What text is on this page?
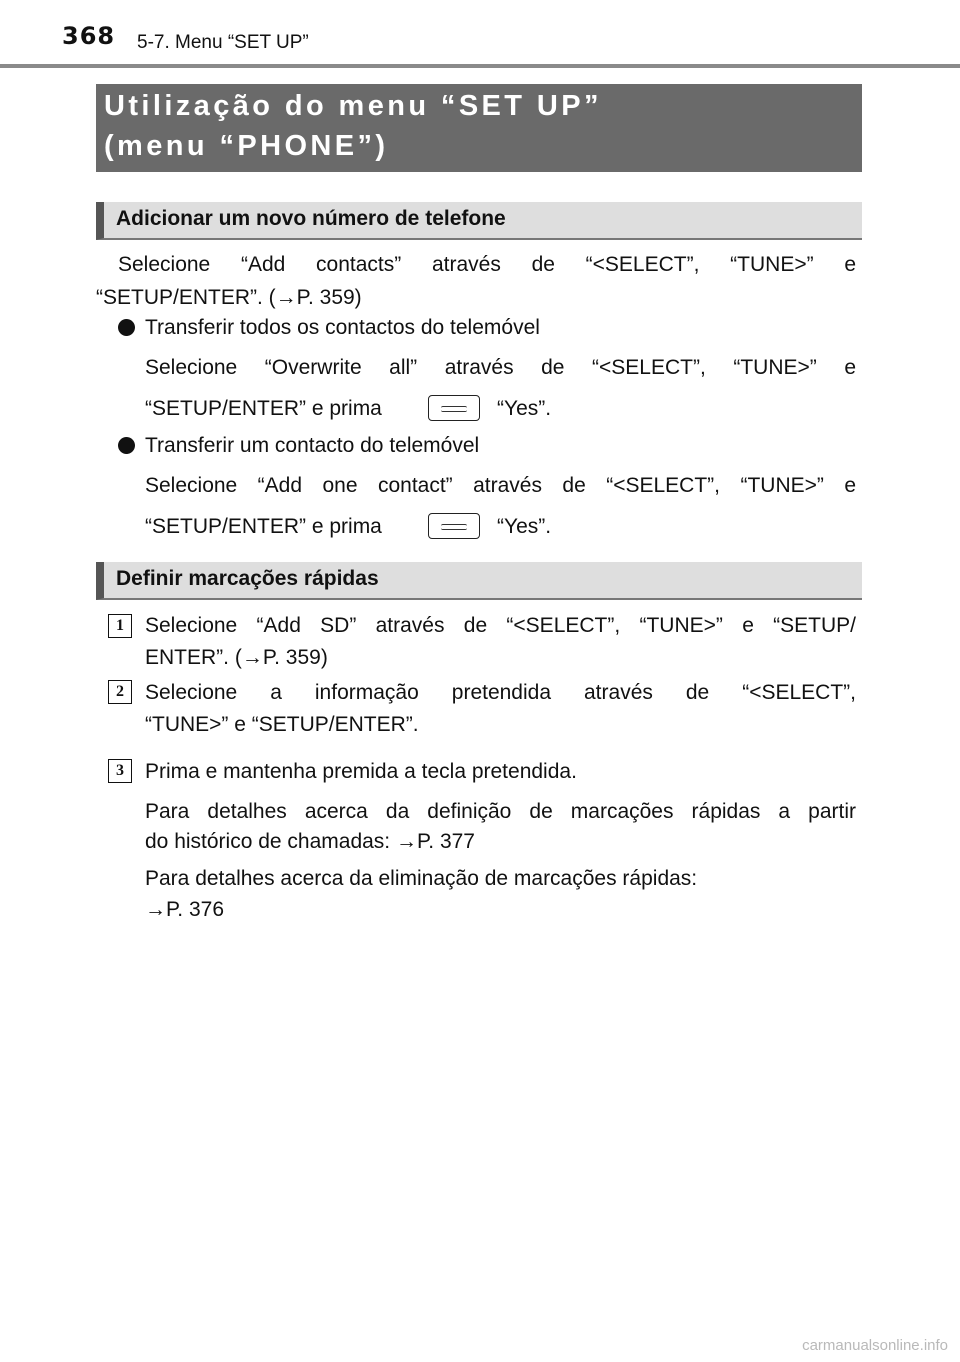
368 5-7. Menu “SET UP”
Utilização do menu “SET UP”
(menu “PHONE”)
Adicionar um novo número de telefone
Selecione “Add contacts” através de “<SELECT”, “TUNE>” e
“SETUP/ENTER”. (→P. 359)
Transferir todos os contactos do telemóvel
Selecione “Overwrite all” através de “<SELECT”, “TUNE>” e
“SETUP/ENTER” e prima	“Yes”.
Transferir um contacto do telemóvel
Selecione “Add one contact” através de “<SELECT”, “TUNE>” e
“SETUP/ENTER” e prima	“Yes”.
Definir marcações rápidas
1	Selecione “Add SD” através de “<SELECT”, “TUNE>” e “SETUP/
ENTER”. (→P. 359)
2	Selecione a informação pretendida através de “<SELECT”,
“TUNE>” e “SETUP/ENTER”.
3	Prima e mantenha premida a tecla pretendida.
Para detalhes acerca da definição de marcações rápidas a partir
do histórico de chamadas: →P. 377
Para detalhes acerca da eliminação de marcações rápidas:
→P. 376
carmanualsonline.info
